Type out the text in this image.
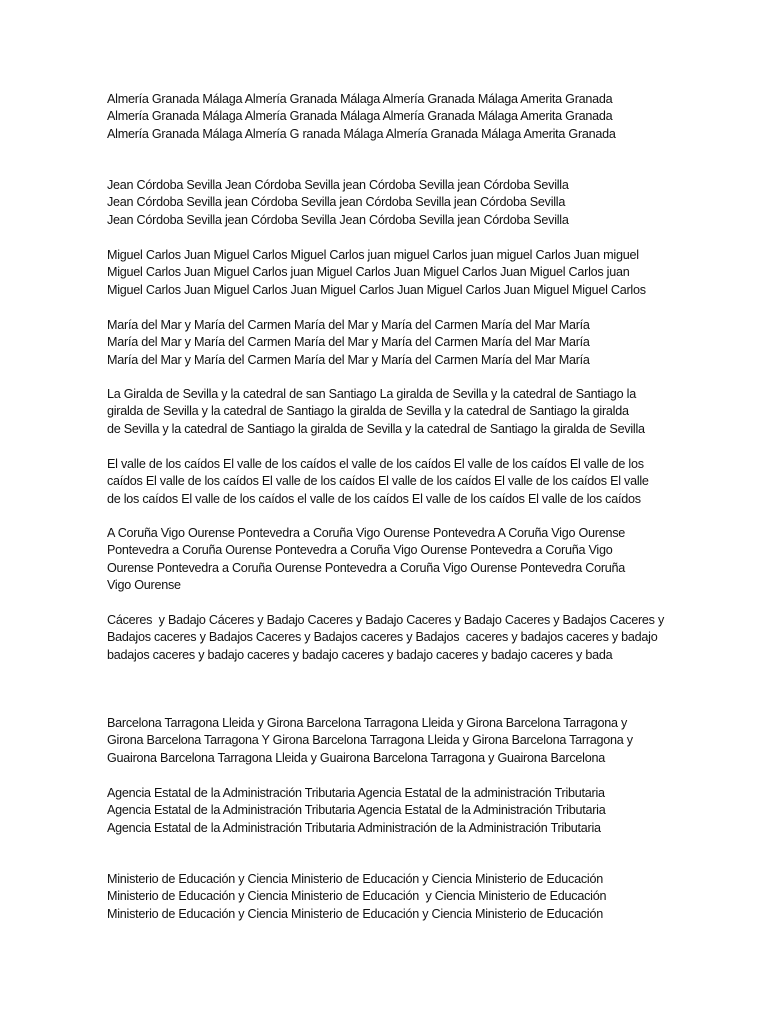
Almería Granada Málaga Almería Granada Málaga Almería Granada Málaga Amerita Granada
Almería Granada Málaga Almería Granada Málaga Almería Granada Málaga Amerita Granada
Almería Granada Málaga Almería G ranada Málaga Almería Granada Málaga Amerita Granada

Jean Córdoba Sevilla Jean Córdoba Sevilla jean Córdoba Sevilla jean Córdoba Sevilla
Jean Córdoba Sevilla jean Córdoba Sevilla jean Córdoba Sevilla jean Córdoba Sevilla
Jean Córdoba Sevilla jean Córdoba Sevilla Jean Córdoba Sevilla jean Córdoba Sevilla

Miguel Carlos Juan Miguel Carlos Miguel Carlos juan miguel Carlos juan miguel Carlos Juan miguel
Miguel Carlos Juan Miguel Carlos juan Miguel Carlos Juan Miguel Carlos Juan Miguel Carlos juan
Miguel Carlos Juan Miguel Carlos Juan Miguel Carlos Juan Miguel Carlos Juan Miguel Miguel Carlos

María del Mar y María del Carmen María del Mar y María del Carmen María del Mar María
María del Mar y María del Carmen María del Mar y María del Carmen María del Mar María
María del Mar y María del Carmen María del Mar y María del Carmen María del Mar María

La Giralda de Sevilla y la catedral de san Santiago La giralda de Sevilla y la catedral de Santiago la
giralda de Sevilla y la catedral de Santiago la giralda de Sevilla y la catedral de Santiago la giralda
de Sevilla y la catedral de Santiago la giralda de Sevilla y la catedral de Santiago la giralda de Sevilla

El valle de los caídos El valle de los caídos el valle de los caídos El valle de los caídos El valle de los
caídos El valle de los caídos El valle de los caídos El valle de los caídos El valle de los caídos El valle
de los caídos El valle de los caídos el valle de los caídos El valle de los caídos El valle de los caídos

A Coruña Vigo Ourense Pontevedra a Coruña Vigo Ourense Pontevedra A Coruña Vigo Ourense
Pontevedra a Coruña Ourense Pontevedra a Coruña Vigo Ourense Pontevedra a Coruña Vigo
Ourense Pontevedra a Coruña Ourense Pontevedra a Coruña Vigo Ourense Pontevedra Coruña
Vigo Ourense

Cáceres  y Badajo Cáceres y Badajo Caceres y Badajo Caceres y Badajo Caceres y Badajos Caceres y
Badajos caceres y Badajos Caceres y Badajos caceres y Badajos  caceres y badajos caceres y badajo
badajos caceres y badajo caceres y badajo caceres y badajo caceres y badajo caceres y bada

Barcelona Tarragona Lleida y Girona Barcelona Tarragona Lleida y Girona Barcelona Tarragona y
Girona Barcelona Tarragona Y Girona Barcelona Tarragona Lleida y Girona Barcelona Tarragona y
Guairona Barcelona Tarragona Lleida y Guairona Barcelona Tarragona y Guairona Barcelona

Agencia Estatal de la Administración Tributaria Agencia Estatal de la administración Tributaria
Agencia Estatal de la Administración Tributaria Agencia Estatal de la Administración Tributaria
Agencia Estatal de la Administración Tributaria Administración de la Administración Tributaria

Ministerio de Educación y Ciencia Ministerio de Educación y Ciencia Ministerio de Educación
Ministerio de Educación y Ciencia Ministerio de Educación  y Ciencia Ministerio de Educación
Ministerio de Educación y Ciencia Ministerio de Educación y Ciencia Ministerio de Educación
